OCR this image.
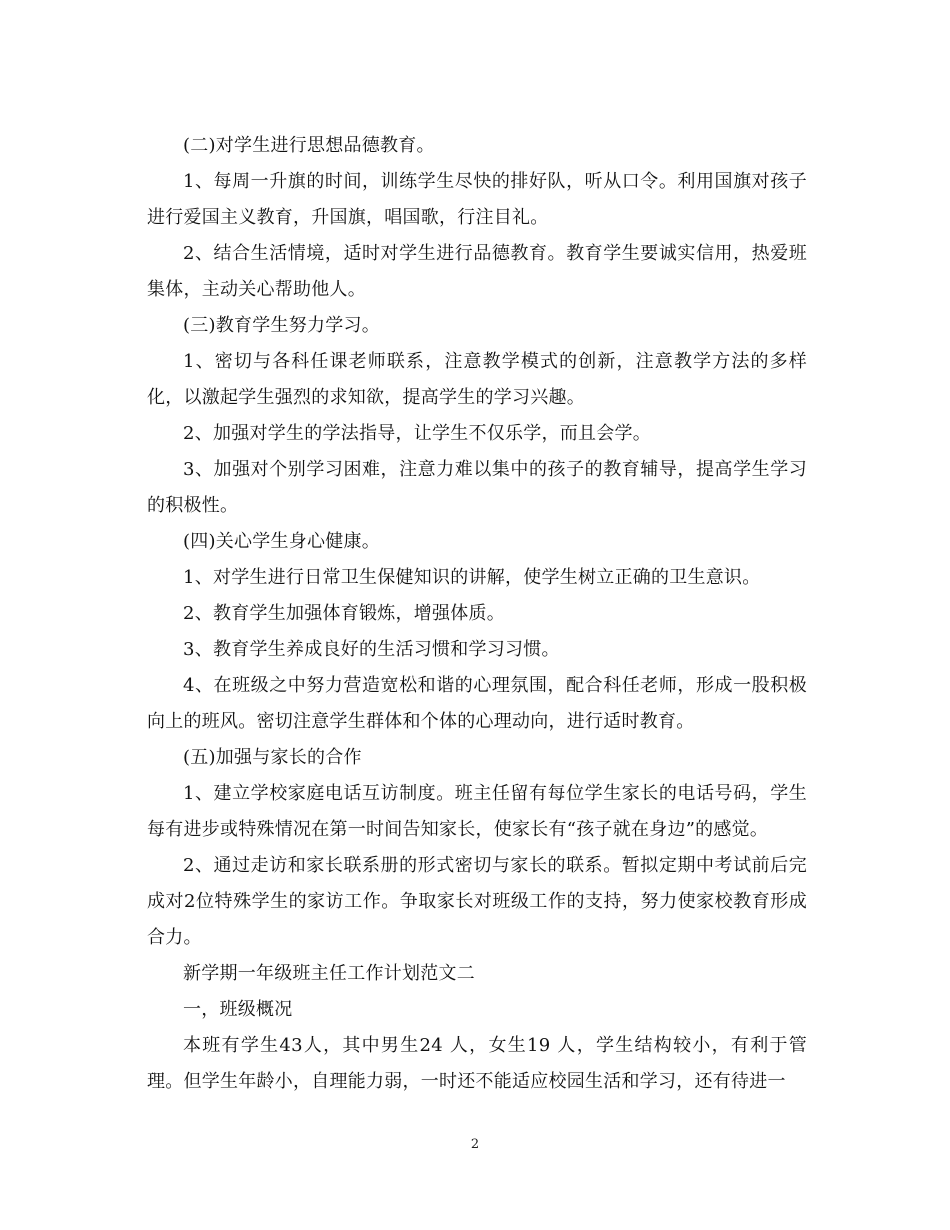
(二)对学生进行思想品德教育。

1、每周一升旗的时间，训练学生尽快的排好队，听从口令。利用国旗对孩子进行爱国主义教育，升国旗，唱国歌，行注目礼。

2、结合生活情境，适时对学生进行品德教育。教育学生要诚实信用，热爱班集体，主动关心帮助他人。

(三)教育学生努力学习。

1、密切与各科任课老师联系，注意教学模式的创新，注意教学方法的多样化，以激起学生强烈的求知欲，提高学生的学习兴趣。

2、加强对学生的学法指导，让学生不仅乐学，而且会学。

3、加强对个别学习困难，注意力难以集中的孩子的教育辅导，提高学生学习的积极性。

(四)关心学生身心健康。

1、对学生进行日常卫生保健知识的讲解，使学生树立正确的卫生意识。

2、教育学生加强体育锻炼，增强体质。

3、教育学生养成良好的生活习惯和学习习惯。

4、在班级之中努力营造宽松和谐的心理氛围，配合科任老师，形成一股积极向上的班风。密切注意学生群体和个体的心理动向，进行适时教育。

(五)加强与家长的合作

1、建立学校家庭电话互访制度。班主任留有每位学生家长的电话号码，学生每有进步或特殊情况在第一时间告知家长，使家长有“孩子就在身边”的感觉。

2、通过走访和家长联系册的形式密切与家长的联系。暂拟定期中考试前后完成对2位特殊学生的家访工作。争取家长对班级工作的支持，努力使家校教育形成合力。

新学期一年级班主任工作计划范文二

一，班级概况

本班有学生43人，其中男生24 人，女生19 人，学生结构较小，有利于管理。但学生年龄小，自理能力弱，一时还不能适应校园生活和学习，还有待进一

2
